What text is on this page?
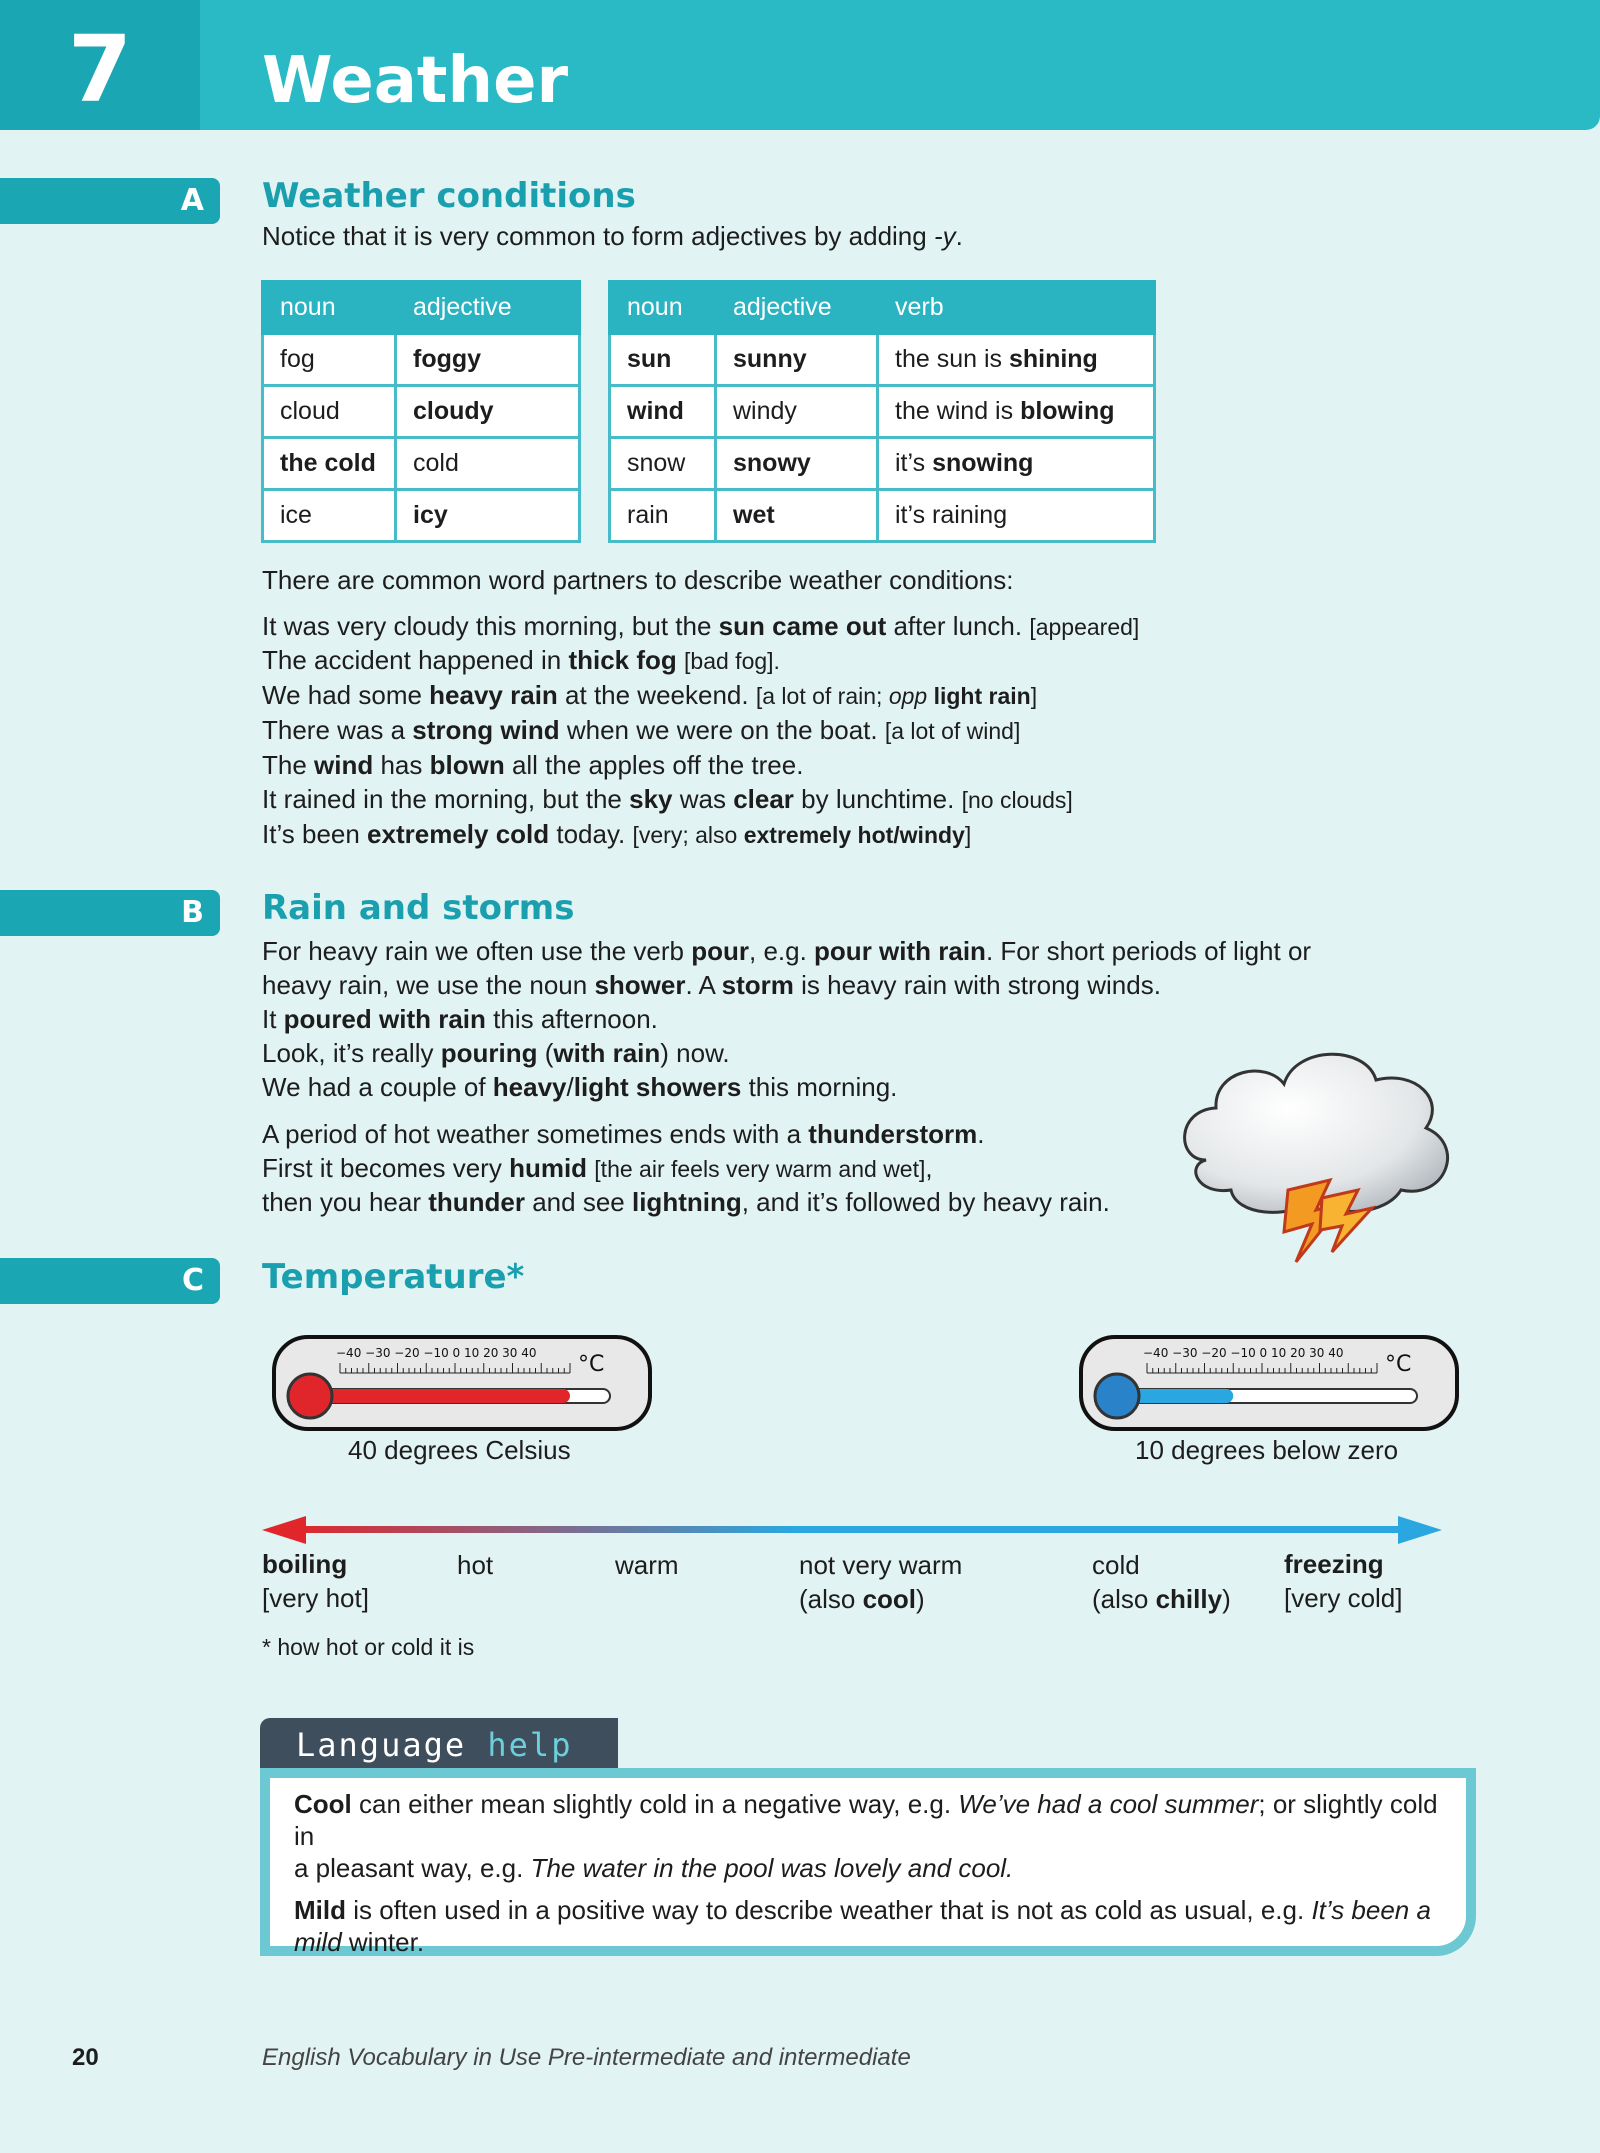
7	Weather
A	Weather conditions
Notice that it is very common to form adjectives by adding -y.
noun	adjective
fog	foggy
cloud	cloudy
the cold	cold
ice	icy
noun	adjective	verb
sun	sunny	the sun is shining
wind	windy	the wind is blowing
snow	snowy	it’s snowing
rain	wet	it’s raining
There are common word partners to describe weather conditions:
It was very cloudy this morning, but the sun came out after lunch. [appeared]
The accident happened in thick fog [bad fog].
We had some heavy rain at the weekend. [a lot of rain; opp light rain]
There was a strong wind when we were on the boat. [a lot of wind]
The wind has blown all the apples off the tree.
It rained in the morning, but the sky was clear by lunchtime. [no clouds]
It’s been extremely cold today. [very; also extremely hot/windy]
B	Rain and storms
For heavy rain we often use the verb pour, e.g. pour with rain. For short periods of light or
heavy rain, we use the noun shower. A storm is heavy rain with strong winds.
It poured with rain this afternoon.
Look, it’s really pouring (with rain) now.
We had a couple of heavy/light showers this morning.
A period of hot weather sometimes ends with a thunderstorm.
First it becomes very humid [the air feels very warm and wet],
then you hear thunder and see lightning, and it’s followed by heavy rain.
C	Temperature*
−40 −30 −20 −10 0 10 20 30 40 °C	−40 −30 −20 −10 0 10 20 30 40 °C
40 degrees Celsius	10 degrees below zero
boiling
[very hot]
hot	warm	not very warm
(also cool)
cold
(also chilly)
freezing
[very cold]
* how hot or cold it is
Language help

Cool can either mean slightly cold in a negative way, e.g. We’ve had a cool summer; or slightly cold in
a pleasant way, e.g. The water in the pool was lovely and cool.

Mild is often used in a positive way to describe weather that is not as cold as usual, e.g. It’s been a
mild winter.

20	English Vocabulary in Use Pre-intermediate and intermediate
